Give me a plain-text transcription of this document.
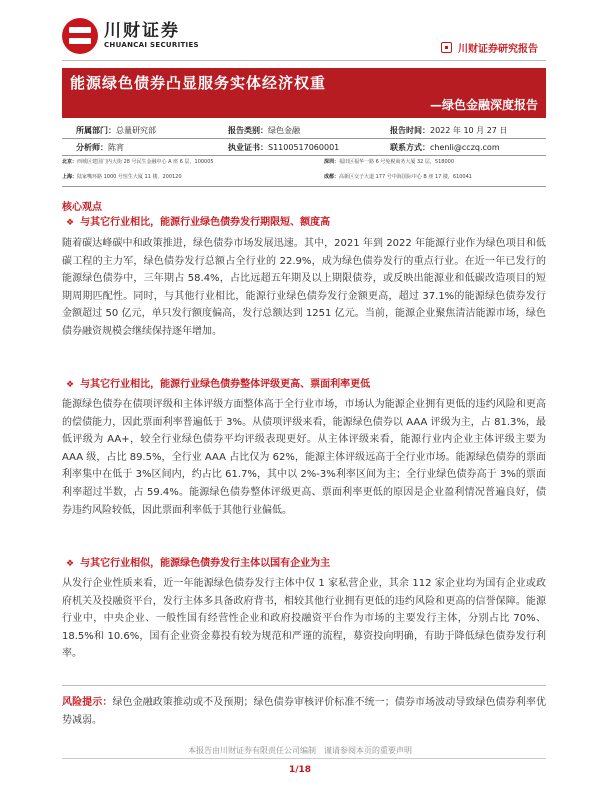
川财证券
CHUANCAI SECURITIES	川财证券研究报告
能源绿色债券凸显服务实体经济权重
—绿色金融深度报告
所属部门：总量研究部	报告类别：绿色金融	报告时间：2022 年 10 月 27 日
分析师：陈宵	执业证书：S1100517060001	联系方式：chenli@cczq.com
北京：西城区建国门内大街 28 号民生金融中心 A 座 6 层，100005	深圳：福田区福华一路 6 号免税商务大厦 32 层，518000
上海：陆家嘴环路 1000 号恒生大厦 11 楼，200120	成都：高新区交子大道 177 号中海国际中心 B 座 17 楼，610041
核心观点
❖ 与其它行业相比，能源行业绿色债券发行期限短、额度高
随着碳达峰碳中和政策推进，绿色债券市场发展迅速。其中，2021 年到 2022 年能源行业作为绿色项目和低碳工程的主力军，绿色债券发行总额占全行业的 22.9%，成为绿色债券发行的重点行业。在近一年已发行的能源绿色债券中，三年期占 58.4%，占比远超五年期及以上期限债券，或反映出能源业和低碳改造项目的短期周期匹配性。同时，与其他行业相比，能源行业绿色债券发行金额更高，超过 37.1%的能源绿色债券发行金额超过 50 亿元，单只发行额度偏高，发行总额达到 1251 亿元。当前，能源企业聚焦清洁能源市场，绿色债券融资规模会继续保持逐年增加。
❖ 与其它行业相比，能源行业绿色债券整体评级更高、票面利率更低
能源绿色债券在债项评级和主体评级方面整体高于全行业市场，市场认为能源企业拥有更低的违约风险和更高的偿债能力，因此票面利率普遍低于 3%。从债项评级来看，能源绿色债券以 AAA 评级为主，占 81.3%，最低评级为 AA+，较全行业绿色债券平均评级表现更好。从主体评级来看，能源行业内企业主体评级主要为 AAA 级，占比 89.5%，全行业 AAA 占比仅为 62%，能源主体评级远高于全行业市场。能源绿色债券的票面利率集中在低于 3%区间内，约占比 61.7%，其中以 2%-3%利率区间为主；全行业绿色债券高于 3%的票面利率超过半数，占 59.4%。能源绿色债券整体评级更高、票面利率更低的原因是企业盈利情况普遍良好，债券违约风险较低，因此票面利率低于其他行业偏低。
❖ 与其它行业相似，能源绿色债券发行主体以国有企业为主
从发行企业性质来看，近一年能源绿色债券发行主体中仅 1 家私营企业，其余 112 家企业均为国有企业或政府机关及投融资平台，发行主体多具备政府背书，相较其他行业拥有更低的违约风险和更高的信誉保障。能源行业中，中央企业、一般性国有经营性企业和政府投融资平台作为市场的主要发行主体，分别占比 70%、18.5%和 10.6%，国有企业资金募投有较为规范和严谨的流程，募资投向明确，有助于降低绿色债券发行利率。
风险提示：绿色金融政策推动或不及预期；绿色债券审核评价标准不统一；债券市场波动导致绿色债券利率优势减弱。
本报告由川财证券有限责任公司编制　谨请参阅本页的重要声明
1/18
